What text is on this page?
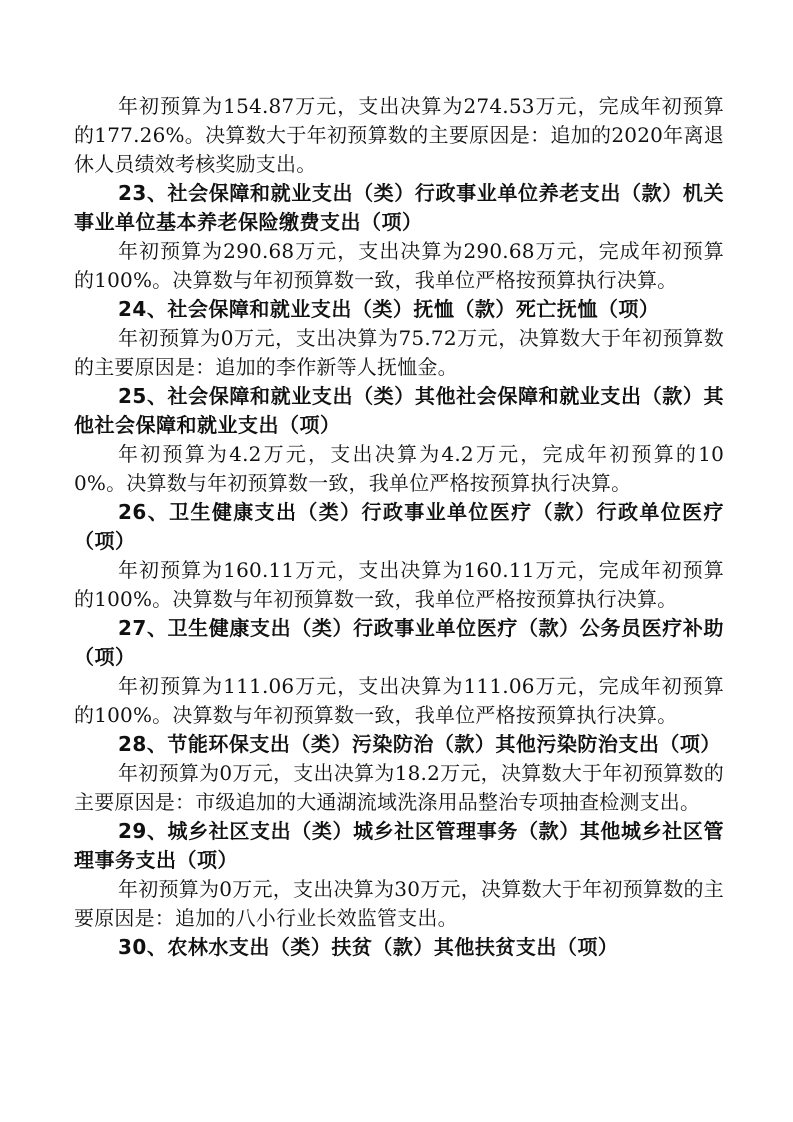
年初预算为154.87万元，支出决算为274.53万元，完成年初预算的177.26%。决算数大于年初预算数的主要原因是：追加的2020年离退休人员绩效考核奖励支出。

23、社会保障和就业支出（类）行政事业单位养老支出（款）机关事业单位基本养老保险缴费支出（项）

年初预算为290.68万元，支出决算为290.68万元，完成年初预算的100%。决算数与年初预算数一致，我单位严格按预算执行决算。

24、社会保障和就业支出（类）抚恤（款）死亡抚恤（项）

年初预算为0万元，支出决算为75.72万元，决算数大于年初预算数的主要原因是：追加的李作新等人抚恤金。

25、社会保障和就业支出（类）其他社会保障和就业支出（款）其他社会保障和就业支出（项）

年初预算为4.2万元，支出决算为4.2万元，完成年初预算的100%。决算数与年初预算数一致，我单位严格按预算执行决算。

26、卫生健康支出（类）行政事业单位医疗（款）行政单位医疗（项）

年初预算为160.11万元，支出决算为160.11万元，完成年初预算的100%。决算数与年初预算数一致，我单位严格按预算执行决算。

27、卫生健康支出（类）行政事业单位医疗（款）公务员医疗补助（项）

年初预算为111.06万元，支出决算为111.06万元，完成年初预算的100%。决算数与年初预算数一致，我单位严格按预算执行决算。

28、节能环保支出（类）污染防治（款）其他污染防治支出（项）

年初预算为0万元，支出决算为18.2万元，决算数大于年初预算数的主要原因是：市级追加的大通湖流域洗涤用品整治专项抽查检测支出。

29、城乡社区支出（类）城乡社区管理事务（款）其他城乡社区管理事务支出（项）

年初预算为0万元，支出决算为30万元，决算数大于年初预算数的主要原因是：追加的八小行业长效监管支出。

30、农林水支出（类）扶贫（款）其他扶贫支出（项）
